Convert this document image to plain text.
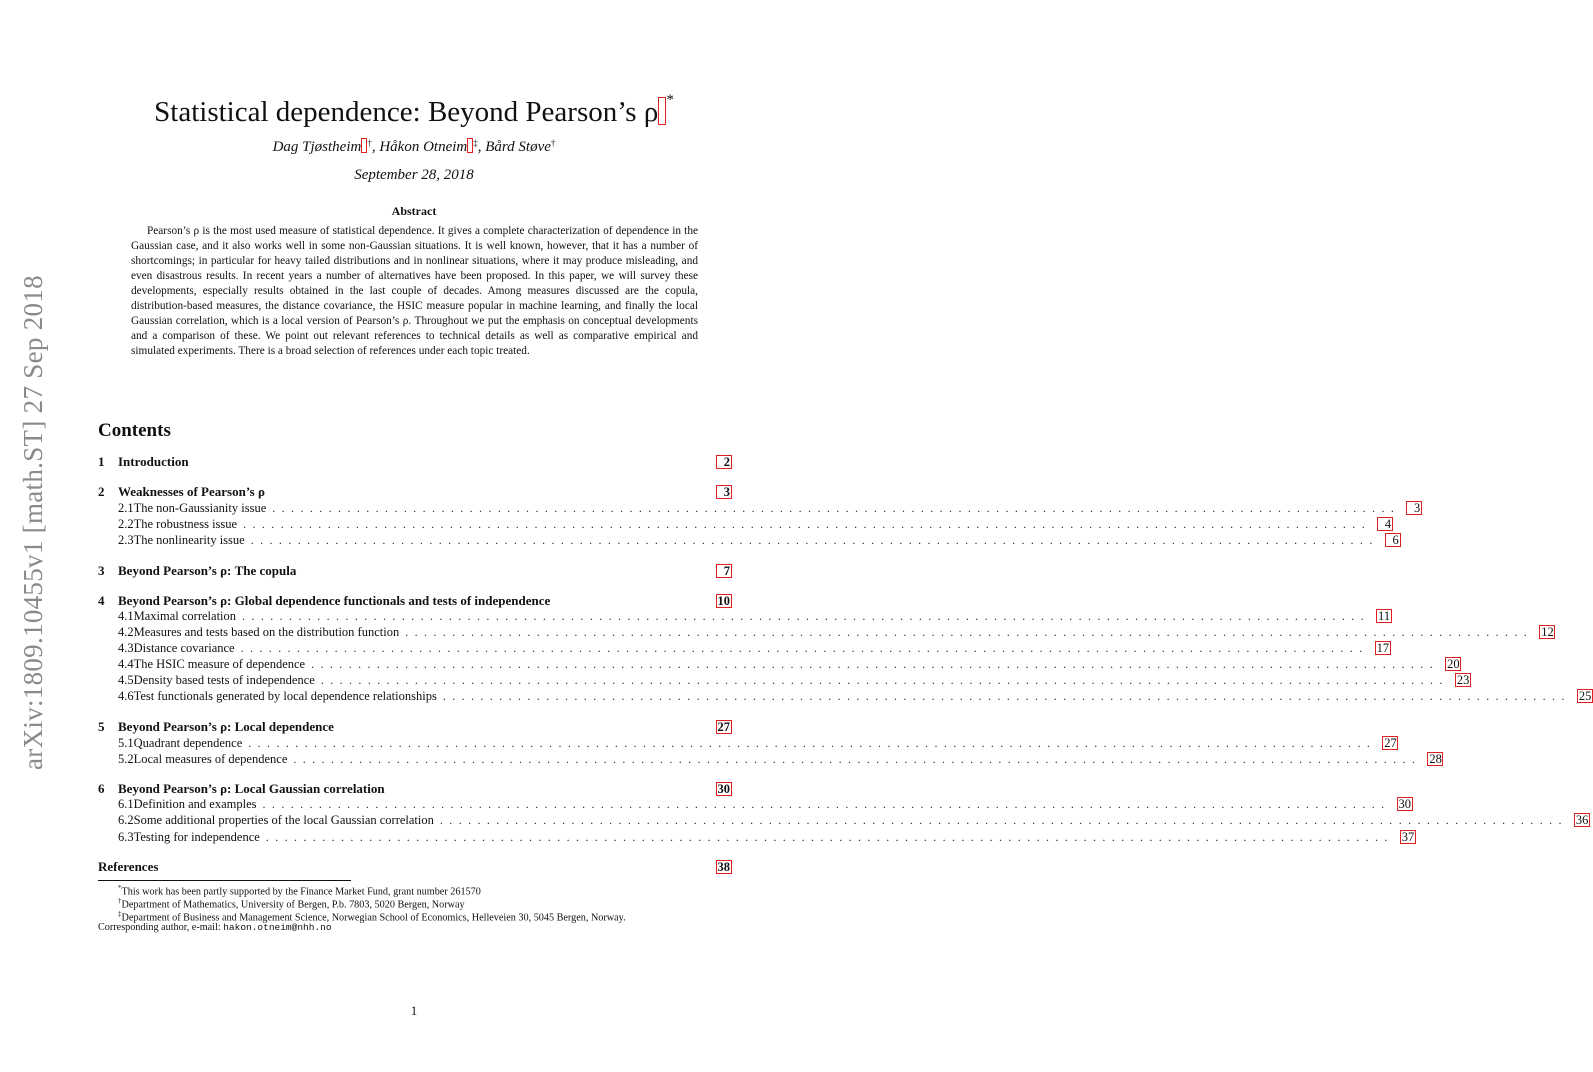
arXiv:1809.10455v1 [math.ST] 27 Sep 2018
Statistical dependence: Beyond Pearson’s ρ *
Dag Tjøstheim †, Håkon Otneim ‡, Bård Støve†
September 28, 2018
Abstract

Pearson’s ρ is the most used measure of statistical dependence. It gives a complete characterization of dependence in the Gaussian case, and it also works well in some non-Gaussian situations. It is well known, however, that it has a number of shortcomings; in particular for heavy tailed distributions and in nonlinear situations, where it may produce misleading, and even disastrous results. In recent years a number of alternatives have been proposed. In this paper, we will survey these developments, especially results obtained in the last couple of decades. Among measures discussed are the copula, distribution-based measures, the distance covariance, the HSIC measure popular in machine learning, and finally the local Gaussian correlation, which is a local version of Pearson’s ρ. Throughout we put the emphasis on conceptual developments and a comparison of these. We point out relevant references to technical details as well as comparative empirical and simulated experiments. There is a broad selection of references under each topic treated.

Contents
1	Introduction	2
2	Weaknesses of Pearson’s ρ	3
2.1 The non-Gaussianity issue ........................................................................................................................	3
2.2 The robustness issue ........................................................................................................................	4
2.3 The nonlinearity issue ........................................................................................................................	6
3	Beyond Pearson’s ρ: The copula	7
4	Beyond Pearson’s ρ: Global dependence functionals and tests of independence	10
4.1 Maximal correlation ........................................................................................................................ 11
4.2 Measures and tests based on the distribution function ........................................................................................................................ 12
4.3 Distance covariance ........................................................................................................................ 17
4.4 The HSIC measure of dependence ........................................................................................................................ 20
4.5 Density based tests of independence ........................................................................................................................ 23
4.6 Test functionals generated by local dependence relationships ........................................................................................................................ 25
5	Beyond Pearson’s ρ: Local dependence	27
5.1 Quadrant dependence ........................................................................................................................ 27
5.2 Local measures of dependence ........................................................................................................................ 28
6	Beyond Pearson’s ρ: Local Gaussian correlation	30
6.1 Definition and examples ........................................................................................................................ 30
6.2 Some additional properties of the local Gaussian correlation ........................................................................................................................ 36
6.3 Testing for independence ........................................................................................................................ 37
References	38
*This work has been partly supported by the Finance Market Fund, grant number 261570
†Department of Mathematics, University of Bergen, P.b. 7803, 5020 Bergen, Norway
‡Department of Business and Management Science, Norwegian School of Economics, Helleveien 30, 5045 Bergen, Norway.
Corresponding author, e-mail: hakon.otneim@nhh.no
1
